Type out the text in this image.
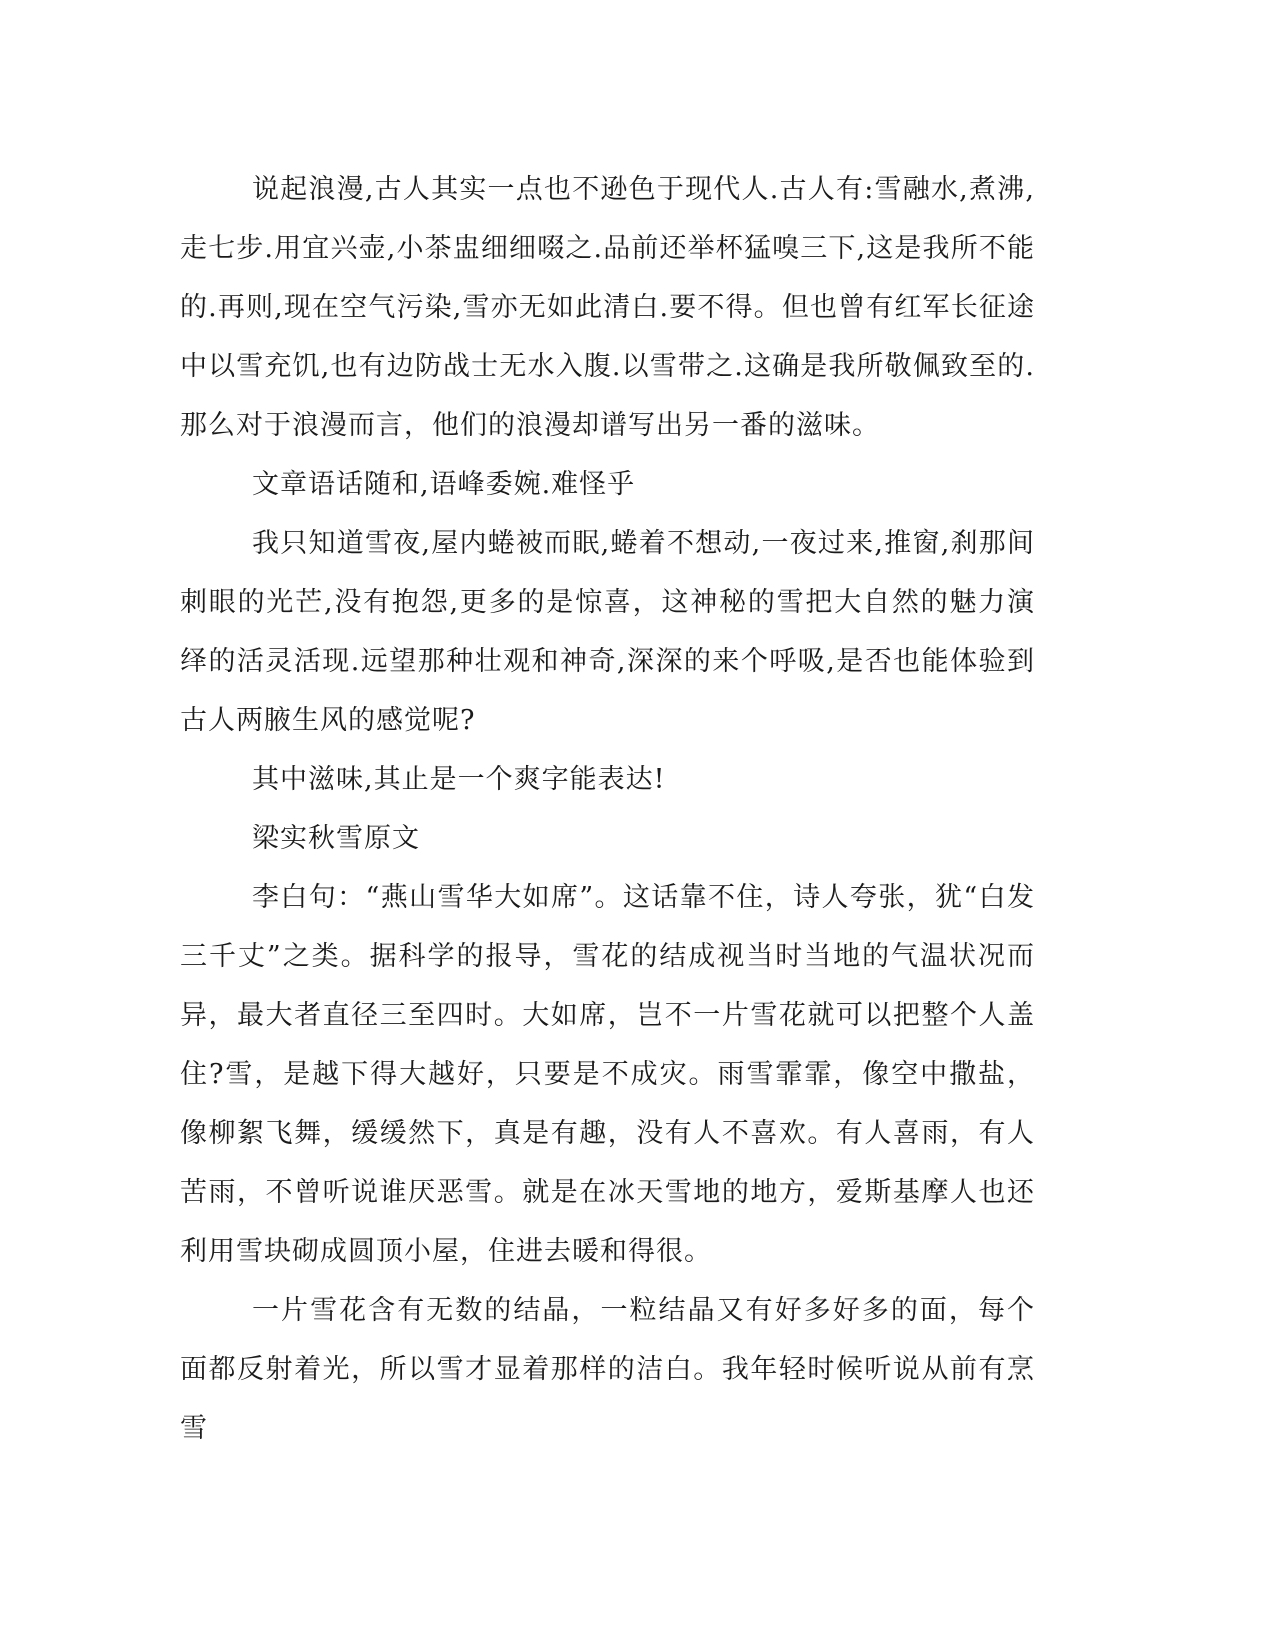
说起浪漫,古人其实一点也不逊色于现代人.古人有:雪融水,煮沸,走七步.用宜兴壶,小茶盅细细啜之.品前还举杯猛嗅三下,这是我所不能的.再则,现在空气污染,雪亦无如此清白.要不得。但也曾有红军长征途中以雪充饥,也有边防战士无水入腹.以雪带之.这确是我所敬佩致至的.那么对于浪漫而言，他们的浪漫却谱写出另一番的滋味。

文章语话随和,语峰委婉.难怪乎

我只知道雪夜,屋内蜷被而眠,蜷着不想动,一夜过来,推窗,刹那间刺眼的光芒,没有抱怨,更多的是惊喜，这神秘的雪把大自然的魅力演绎的活灵活现.远望那种壮观和神奇,深深的来个呼吸,是否也能体验到古人两腋生风的感觉呢?

其中滋味,其止是一个爽字能表达!

梁实秋雪原文

李白句：“燕山雪华大如席”。这话靠不住，诗人夸张，犹“白发三千丈”之类。据科学的报导，雪花的结成视当时当地的气温状况而异，最大者直径三至四时。大如席，岂不一片雪花就可以把整个人盖住?雪，是越下得大越好，只要是不成灾。雨雪霏霏，像空中撒盐，像柳絮飞舞，缓缓然下，真是有趣，没有人不喜欢。有人喜雨，有人苦雨，不曾听说谁厌恶雪。就是在冰天雪地的地方，爱斯基摩人也还利用雪块砌成圆顶小屋，住进去暖和得很。

一片雪花含有无数的结晶，一粒结晶又有好多好多的面，每个面都反射着光，所以雪才显着那样的洁白。我年轻时候听说从前有烹雪
